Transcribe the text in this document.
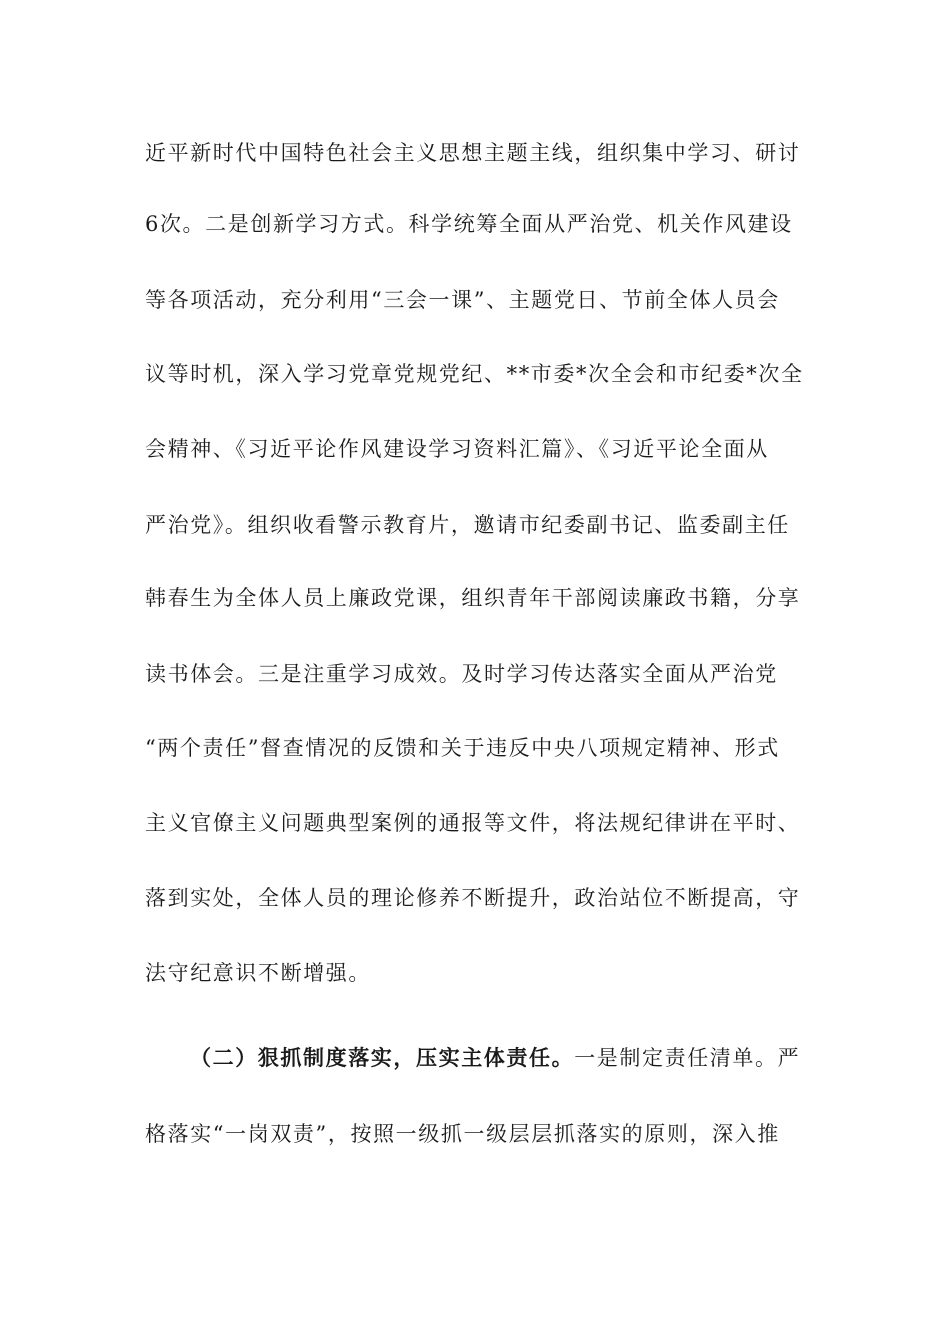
近平新时代中国特色社会主义思想主题主线，组织集中学习、研讨
6次。二是创新学习方式。科学统筹全面从严治党、机关作风建设
等各项活动，充分利用“三会一课”、主题党日、节前全体人员会
议等时机，深入学习党章党规党纪、**市委*次全会和市纪委*次全
会精神、《习近平论作风建设学习资料汇篇》、《习近平论全面从
严治党》。组织收看警示教育片，邀请市纪委副书记、监委副主任
韩春生为全体人员上廉政党课，组织青年干部阅读廉政书籍，分享
读书体会。三是注重学习成效。及时学习传达落实全面从严治党
“两个责任”督查情况的反馈和关于违反中央八项规定精神、形式
主义官僚主义问题典型案例的通报等文件，将法规纪律讲在平时、
落到实处，全体人员的理论修养不断提升，政治站位不断提高，守
法守纪意识不断增强。
（二）狠抓制度落实，压实主体责任。一是制定责任清单。严
格落实“一岗双责”，按照一级抓一级层层抓落实的原则，深入推
